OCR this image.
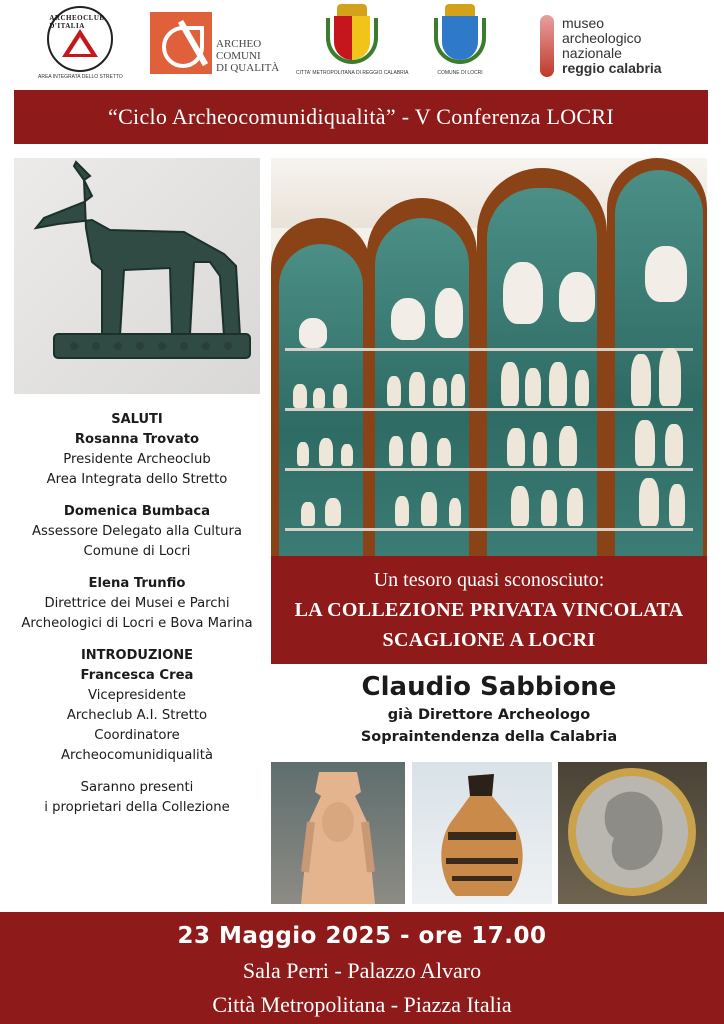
ARCHEOCLUB D'ITALIA
AREA INTEGRATA DELLO STRETTO
ARCHEO
COMUNI
DI QUALITÀ	CITTA' METROPOLITANA DI REGGIO CALABRIA	COMUNE DI LOCRI
museo
archeologico
nazionale
reggio calabria
“Ciclo Archeocomunidiqualità” - V Conferenza LOCRI
SALUTI
Rosanna Trovato
Presidente Archeoclub
Area Integrata dello Stretto
Domenica Bumbaca
Assessore Delegato alla Cultura
Comune di Locri
Elena Trunfio
Direttrice dei Musei e Parchi
Archeologici di Locri e Bova Marina
INTRODUZIONE
Francesca Crea
Vicepresidente
Archeclub A.I. Stretto
Coordinatore
Archeocomunidiqualità
Saranno presenti
i proprietari della Collezione
Un tesoro quasi sconosciuto:
LA COLLEZIONE PRIVATA VINCOLATA
SCAGLIONE A LOCRI
Claudio Sabbione
già Direttore Archeologo
Sopraintendenza della Calabria
23 Maggio 2025 - ore 17.00
Sala Perri - Palazzo Alvaro
Città Metropolitana - Piazza Italia
